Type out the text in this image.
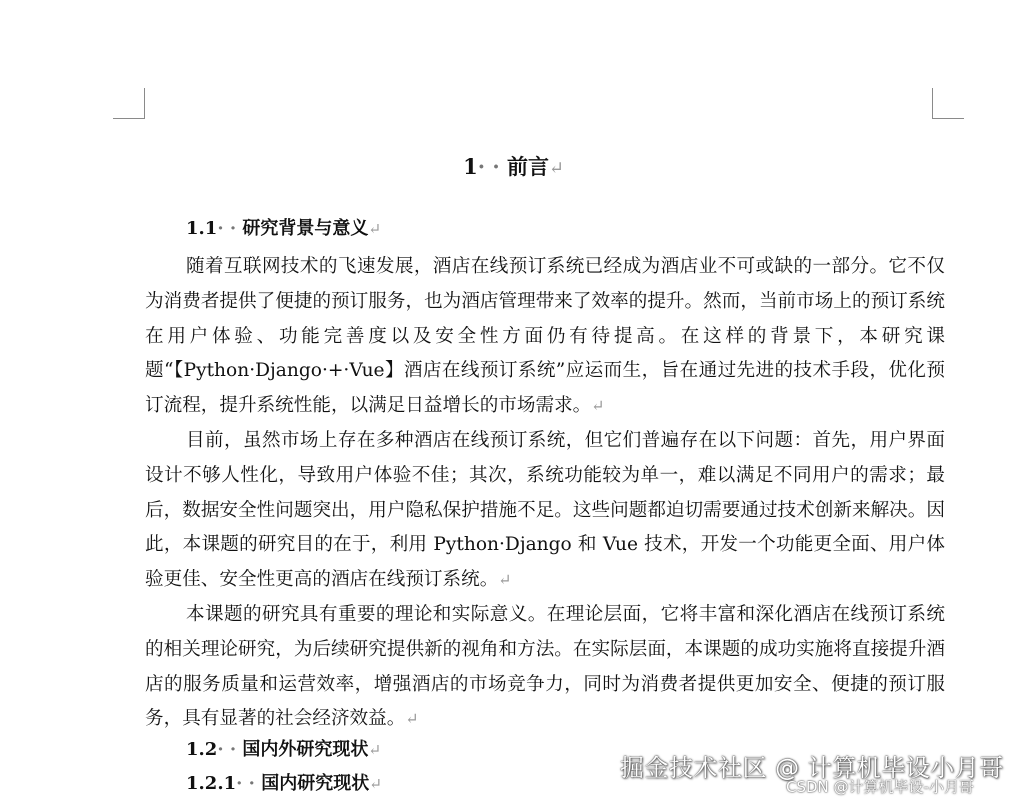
1· · 前言↵
1.1· · 研究背景与意义↵

随着互联网技术的飞速发展，酒店在线预订系统已经成为酒店业不可或缺的一部分。它不仅为消费者提供了便捷的预订服务，也为酒店管理带来了效率的提升。然而，当前市场上的预订系统在用户体验、功能完善度以及安全性方面仍有待提高。在这样的背景下，本研究课题“【Python·Django·+·Vue】酒店在线预订系统”应运而生，旨在通过先进的技术手段，优化预订流程，提升系统性能，以满足日益增长的市场需求。↵

目前，虽然市场上存在多种酒店在线预订系统，但它们普遍存在以下问题：首先，用户界面设计不够人性化，导致用户体验不佳；其次，系统功能较为单一，难以满足不同用户的需求；最后，数据安全性问题突出，用户隐私保护措施不足。这些问题都迫切需要通过技术创新来解决。因此，本课题的研究目的在于，利用 Python·Django 和 Vue 技术，开发一个功能更全面、用户体验更佳、安全性更高的酒店在线预订系统。↵

本课题的研究具有重要的理论和实际意义。在理论层面，它将丰富和深化酒店在线预订系统的相关理论研究，为后续研究提供新的视角和方法。在实际层面，本课题的成功实施将直接提升酒店的服务质量和运营效率，增强酒店的市场竞争力，同时为消费者提供更加安全、便捷的预订服务，具有显著的社会经济效益。↵

1.2· · 国内外研究现状↵
1.2.1· · 国内研究现状↵
掘金技术社区 @ 计算机毕设小月哥
CSDN @计算机毕设-小月哥
